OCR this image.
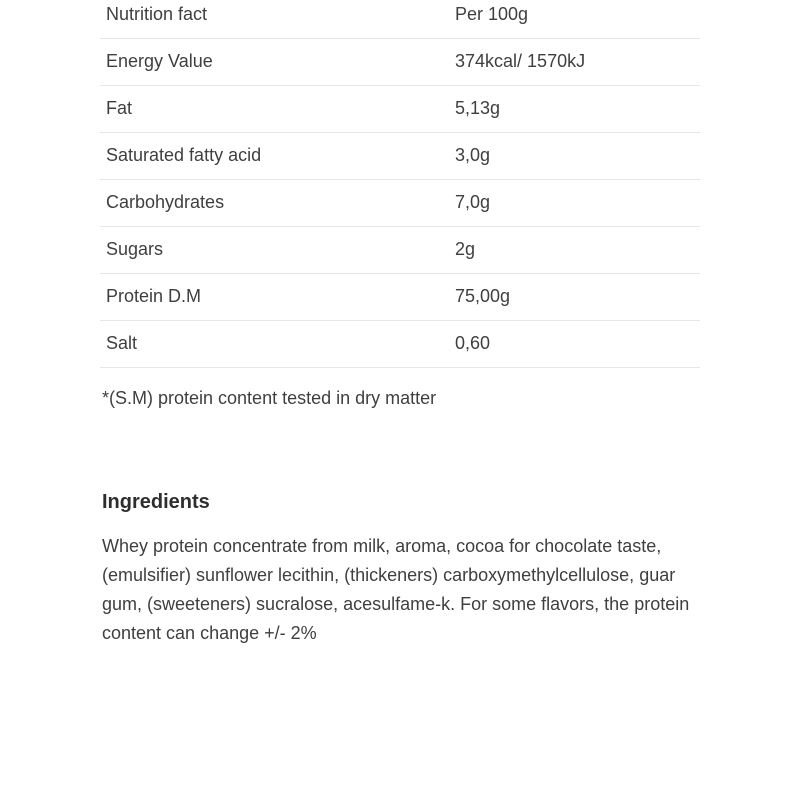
Nutrition fact	Per 100g
Energy Value	374kcal/ 1570kJ
Fat	5,13g
Saturated fatty acid	3,0g
Carbohydrates	7,0g
Sugars	2g
Protein D.M	75,00g
Salt	0,60
*(S.M) protein content tested in dry matter
Ingredients
Whey protein concentrate from milk, aroma, cocoa for chocolate taste, (emulsifier) sunflower lecithin, (thickeners) carboxymethylcellulose, guar gum, (sweeteners) sucralose, acesulfame-k. For some flavors, the protein content can change +/- 2%
